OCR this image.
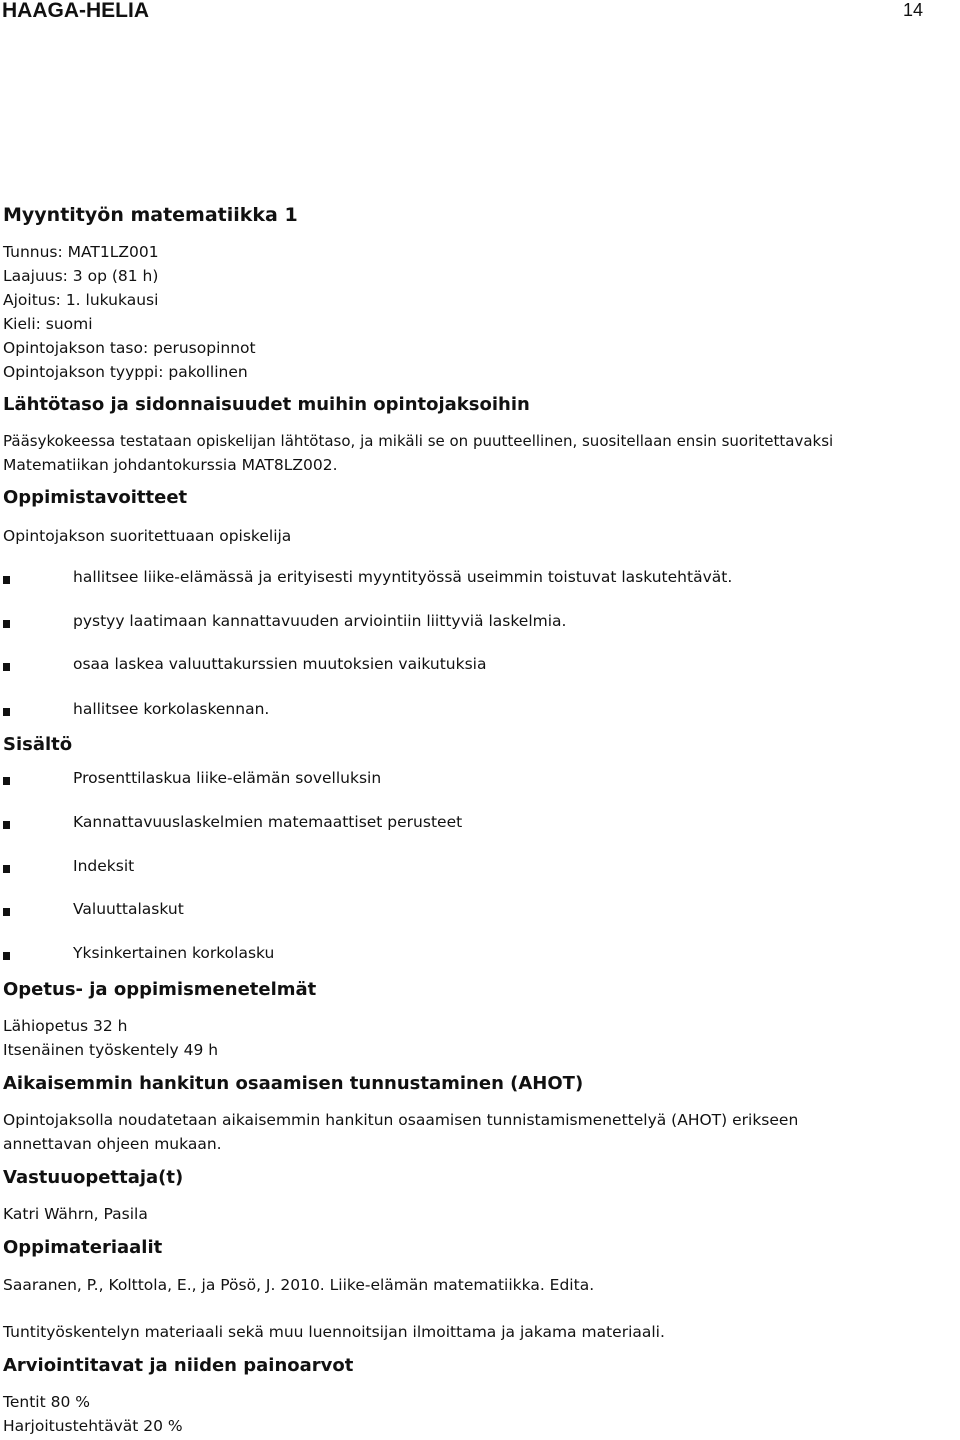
HAAGA-HELIA	14
Myyntityön matematiikka 1
Tunnus: MAT1LZ001
Laajuus: 3 op (81 h)
Ajoitus: 1. lukukausi
Kieli: suomi
Opintojakson taso: perusopinnot
Opintojakson tyyppi: pakollinen
Lähtötaso ja sidonnaisuudet muihin opintojaksoihin
Pääsykokeessa testataan opiskelijan lähtötaso, ja mikäli se on puutteellinen, suositellaan ensin suoritettavaksi
Matematiikan johdantokurssia MAT8LZ002.
Oppimistavoitteet
Opintojakson suoritettuaan opiskelija
hallitsee liike-elämässä ja erityisesti myyntityössä useimmin toistuvat laskutehtävät.
pystyy laatimaan kannattavuuden arviointiin liittyviä laskelmia.
osaa laskea valuuttakurssien muutoksien vaikutuksia
hallitsee korkolaskennan.
Sisältö
Prosenttilaskua liike-elämän sovelluksin
Kannattavuuslaskelmien matemaattiset perusteet
Indeksit
Valuuttalaskut
Yksinkertainen korkolasku
Opetus- ja oppimismenetelmät
Lähiopetus 32 h
Itsenäinen työskentely 49 h
Aikaisemmin hankitun osaamisen tunnustaminen (AHOT)
Opintojaksolla noudatetaan aikaisemmin hankitun osaamisen tunnistamismenettelyä (AHOT) erikseen
annettavan ohjeen mukaan.
Vastuuopettaja(t)
Katri Währn, Pasila
Oppimateriaalit
Saaranen, P., Kolttola, E., ja Pösö, J. 2010. Liike-elämän matematiikka. Edita.
Tuntityöskentelyn materiaali sekä muu luennoitsijan ilmoittama ja jakama materiaali.
Arviointitavat ja niiden painoarvot
Tentit 80 %
Harjoitustehtävät 20 %
